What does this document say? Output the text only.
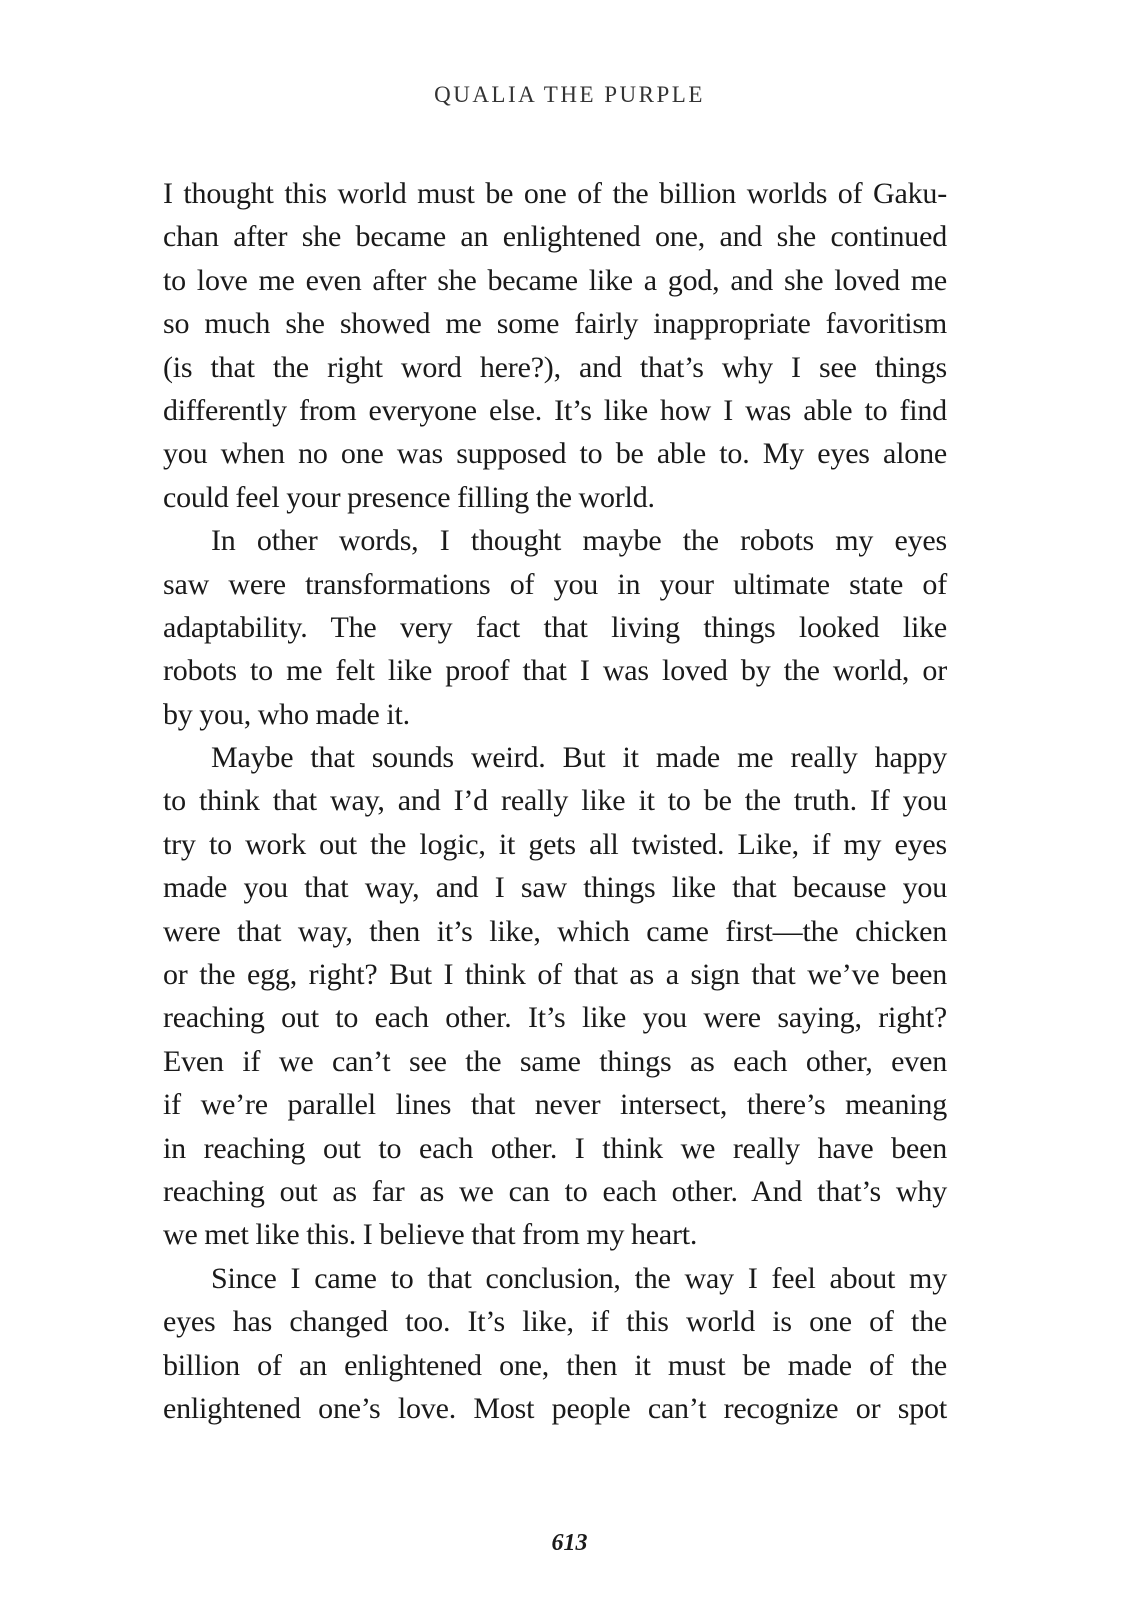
QUALIA THE PURPLE
I thought this world must be one of the billion worlds of Gaku-
chan after she became an enlightened one, and she continued
to love me even after she became like a god, and she loved me
so much she showed me some fairly inappropriate favoritism
(is that the right word here?), and that’s why I see things
differently from everyone else. It’s like how I was able to find
you when no one was supposed to be able to. My eyes alone
could feel your presence filling the world.
In other words, I thought maybe the robots my eyes
saw were transformations of you in your ultimate state of
adaptability. The very fact that living things looked like
robots to me felt like proof that I was loved by the world, or
by you, who made it.
Maybe that sounds weird. But it made me really happy
to think that way, and I’d really like it to be the truth. If you
try to work out the logic, it gets all twisted. Like, if my eyes
made you that way, and I saw things like that because you
were that way, then it’s like, which came first—the chicken
or the egg, right? But I think of that as a sign that we’ve been
reaching out to each other. It’s like you were saying, right?
Even if we can’t see the same things as each other, even
if we’re parallel lines that never intersect, there’s meaning
in reaching out to each other. I think we really have been
reaching out as far as we can to each other. And that’s why
we met like this. I believe that from my heart.
Since I came to that conclusion, the way I feel about my
eyes has changed too. It’s like, if this world is one of the
billion of an enlightened one, then it must be made of the
enlightened one’s love. Most people can’t recognize or spot
613
